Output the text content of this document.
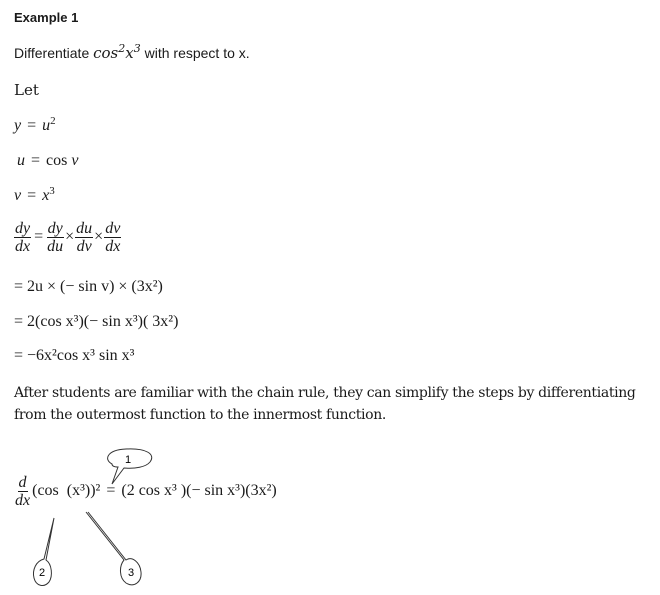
Example 1
Differentiate $\cos^2x^3$ with respect to x.
Let
$y = u^2$
u = cos v
$v = x^3$
$\frac{dy}{dx} = \frac{dy}{du} \times \frac{du}{dv} \times \frac{dv}{dx}$
= 2u × (− sin v) × (3x²)
= 2(cos x³)(− sin x³)( 3x²)
= −6x²cos x³ sin x³
After students are familiar with the chain rule, they can simplify the steps by differentiating from the outermost function to the innermost function.
$\frac{d}{dx} (\cos$  (x³))² = (2 cos x³ )(− sin x³)(3x²)
1
2	3
